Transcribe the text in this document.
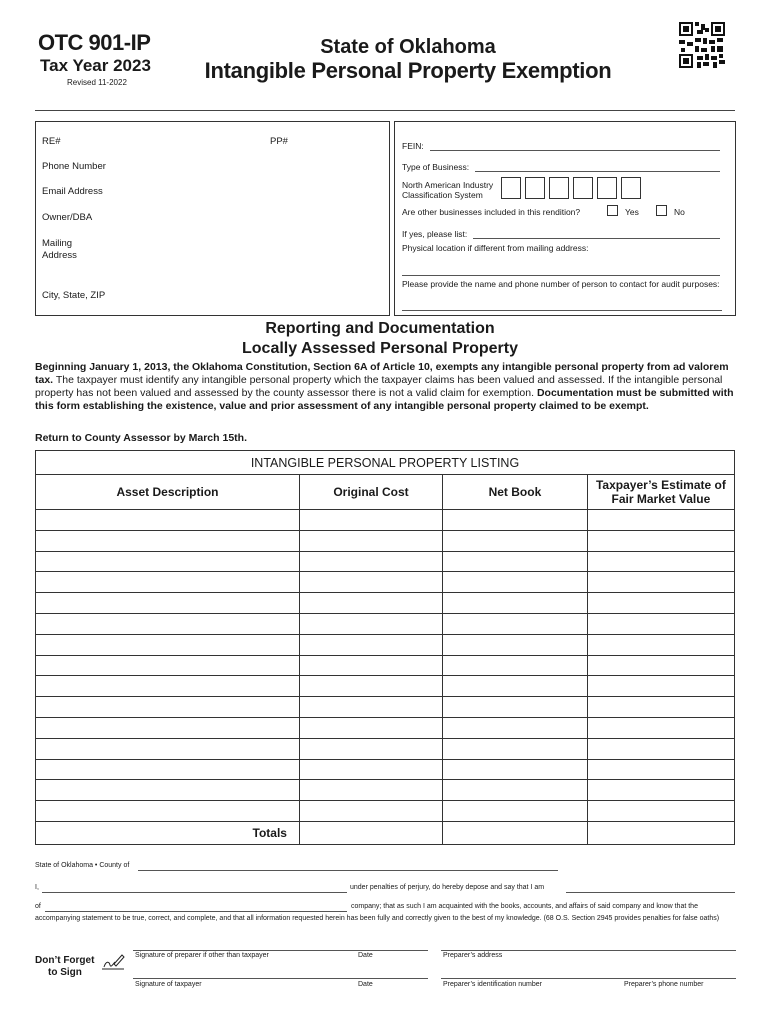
OTC 901-IP
Tax Year 2023
Revised 11-2022
State of Oklahoma
Intangible Personal Property Exemption
RE#	PP#
Phone Number
Email Address
Owner/DBA
Mailing
Address
City, State, ZIP
FEIN:
Type of Business:
North American Industry
Classification System
Are other businesses included in this rendition?	Yes	No
If yes, please list:
Physical location if different from mailing address:
Please provide the name and phone number of person to contact for audit purposes:
Reporting and Documentation
Locally Assessed Personal Property
Beginning January 1, 2013, the Oklahoma Constitution, Section 6A of Article 10, exempts any intangible personal property from ad valorem tax. The taxpayer must identify any intangible personal property which the taxpayer claims has been valued and assessed. If the intangible personal property has not been valued and assessed by the county assessor there is not a valid claim for exemption. Documentation must be submitted with this form establishing the existence, value and prior assessment of any intangible personal property claimed to be exempt.
Return to County Assessor by March 15th.
INTANGIBLE PERSONAL PROPERTY LISTING
Asset Description	Original Cost	Net Book	Taxpayer’s Estimate of
Fair Market Value

Totals			
State of Oklahoma • County of
I,	under penalties of perjury, do hereby depose and say that I am
of	company; that as such I am acquainted with the books, accounts, and affairs of said company and know that the
accompanying statement to be true, correct, and complete, and that all information requested herein has been fully and correctly given to the best of my knowledge. (68 O.S. Section 2945 provides penalties for false oaths)
Don’t Forget
to Sign
Signature of preparer if other than taxpayer	Date	Preparer’s address
Signature of taxpayer	Date	Preparer’s identification number	Preparer’s phone number
